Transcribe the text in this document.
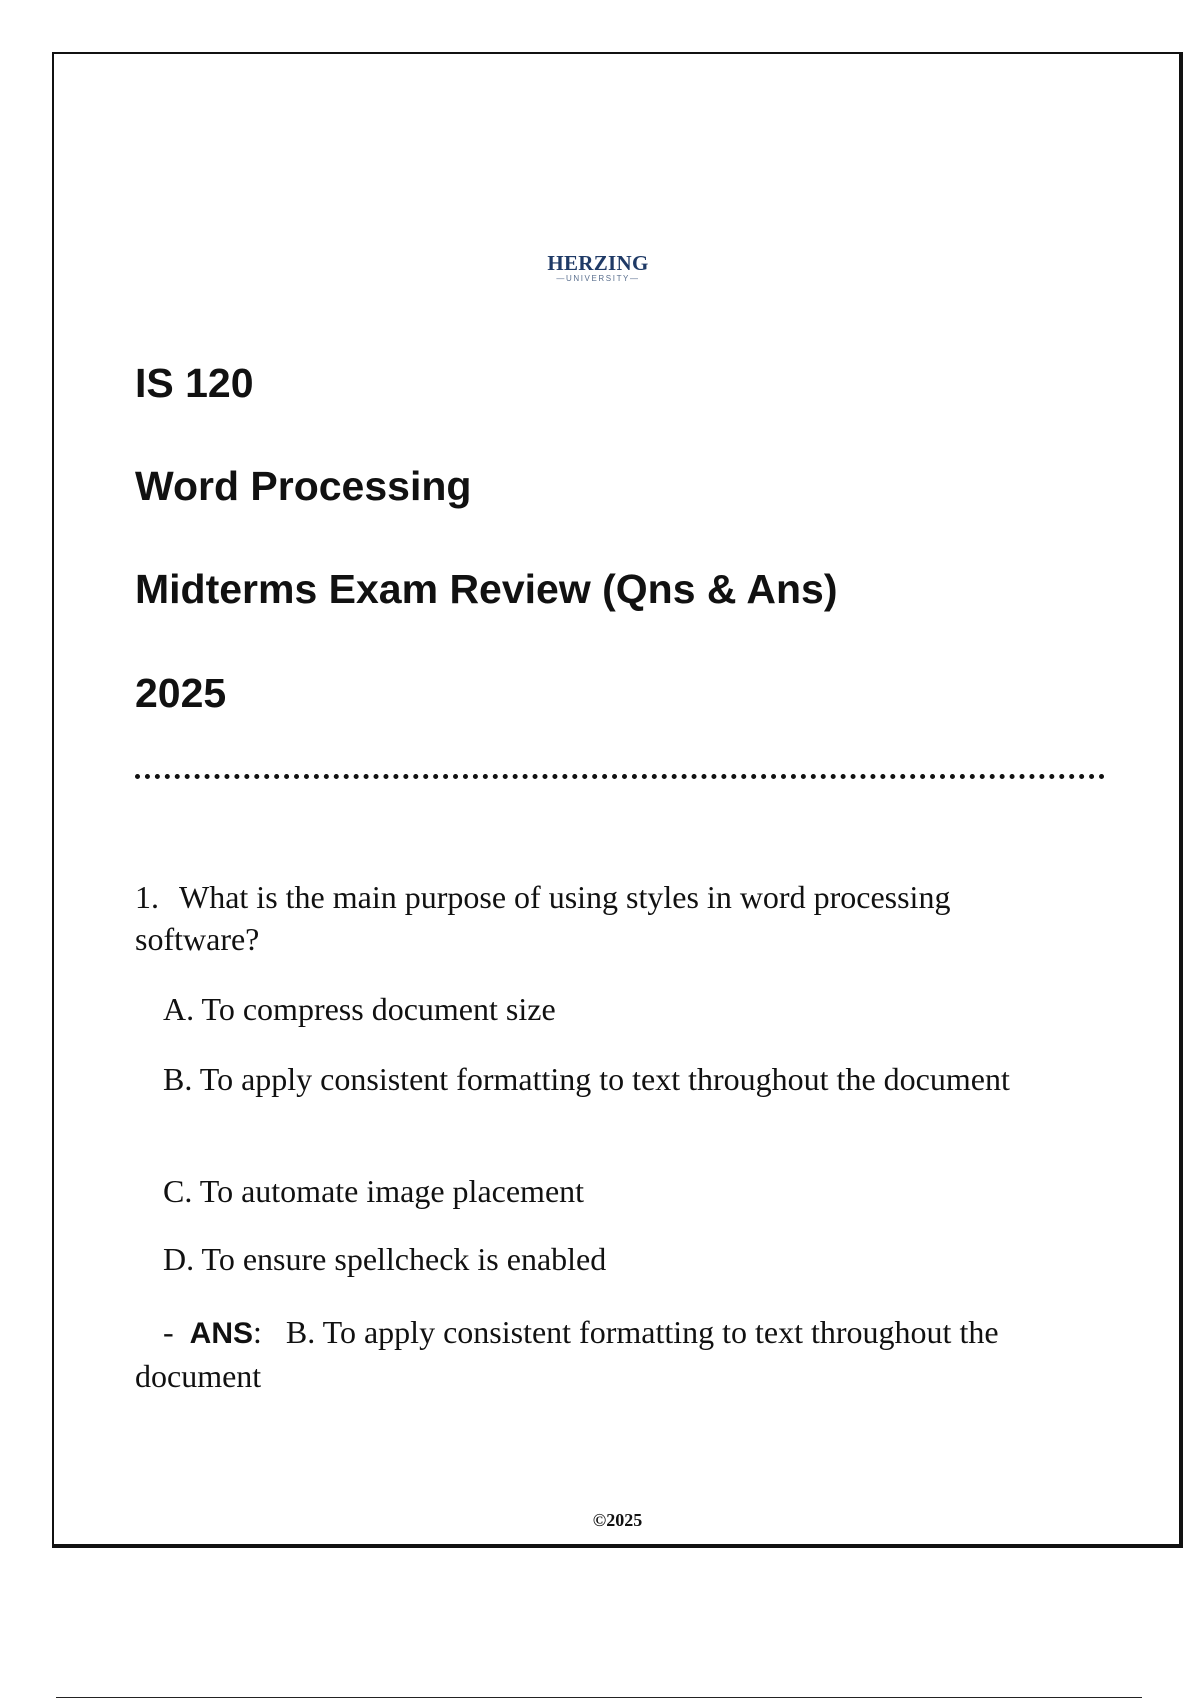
HERZING
—UNIVERSITY—
IS 120
Word Processing
Midterms Exam Review (Qns & Ans)
2025

1. What is the main purpose of using styles in word processing software?

A. To compress document size

B. To apply consistent formatting to text throughout the document

C. To automate image placement

D. To ensure spellcheck is enabled

- ANS: B. To apply consistent formatting to text throughout the document

©2025
